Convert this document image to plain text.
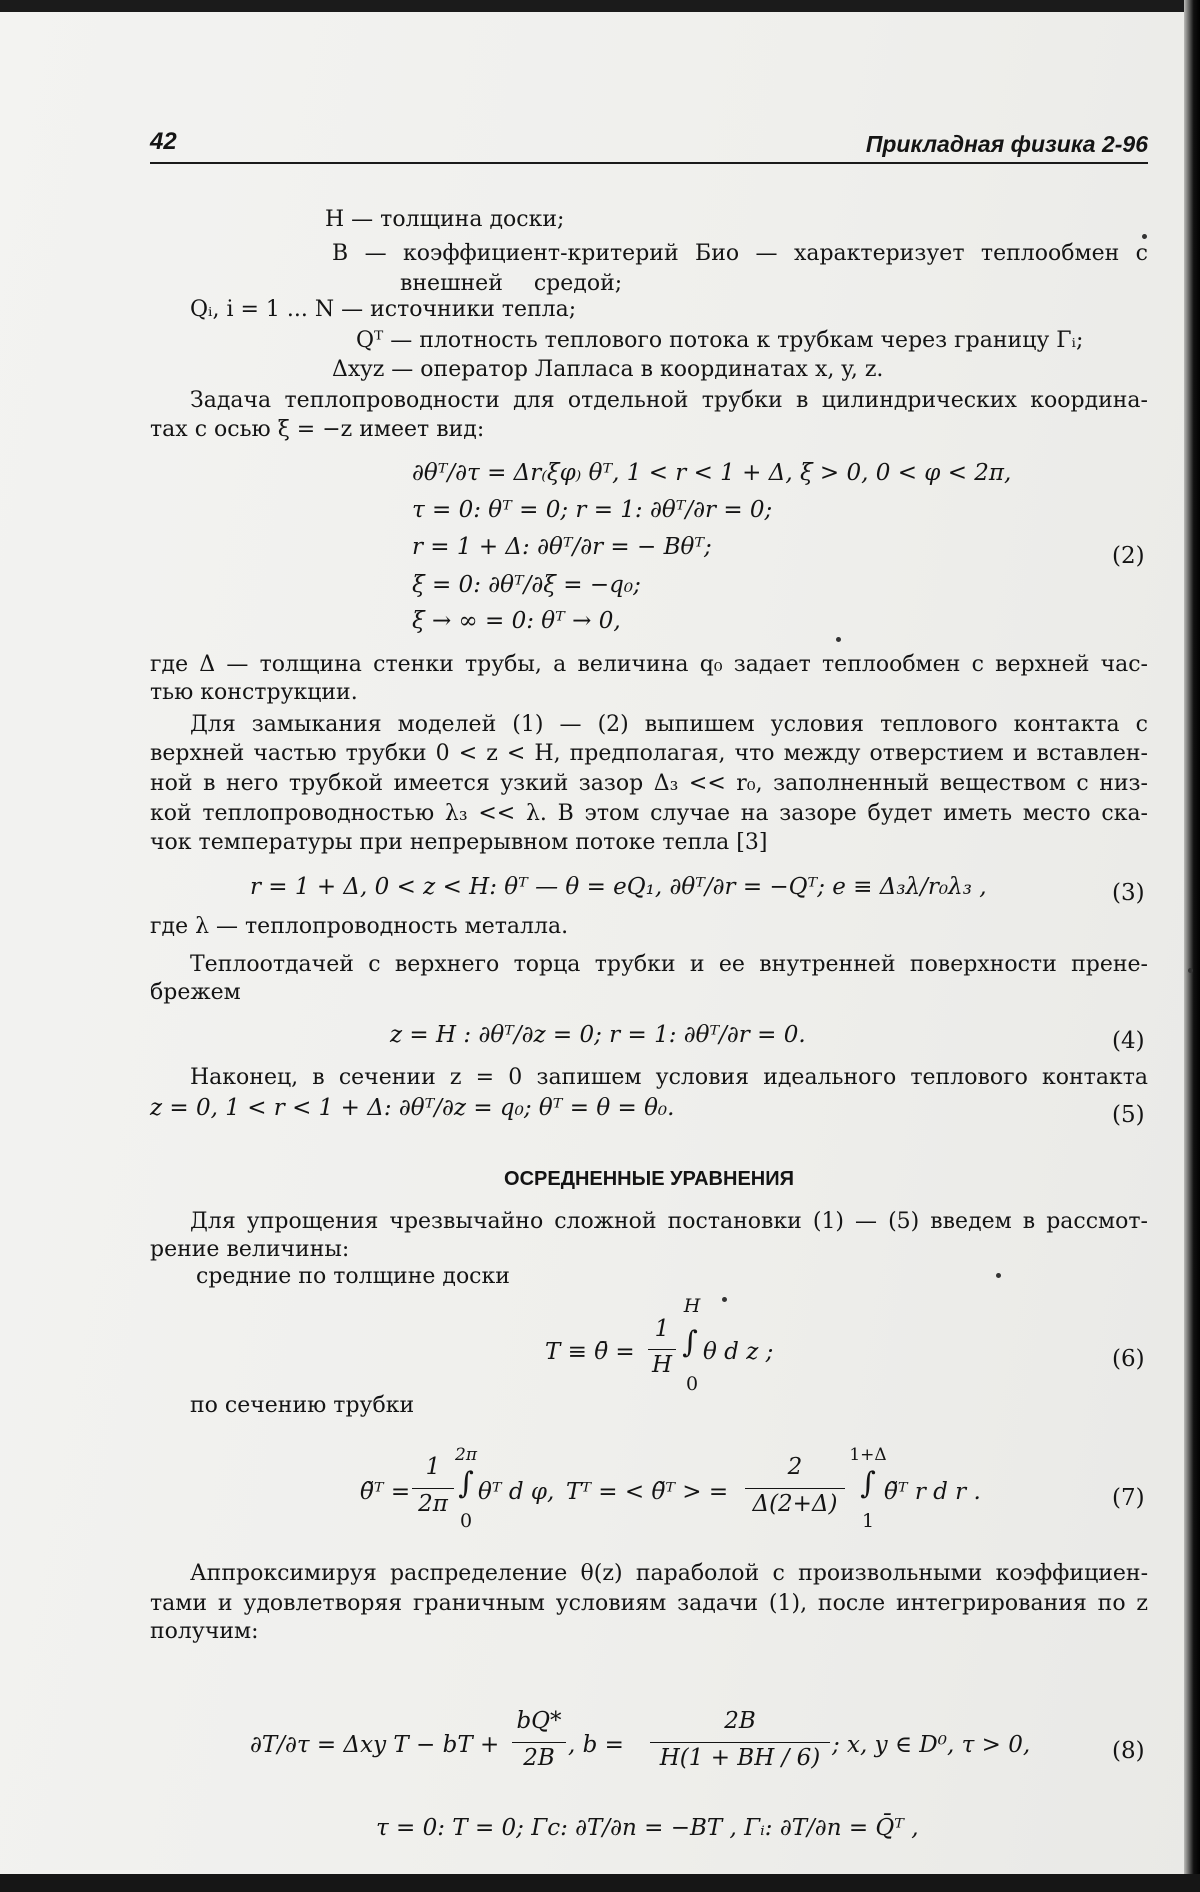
42	Прикладная физика 2-96
H — толщина доски;
B — коэффициент-критерий Био — характеризует теплообмен с
внешней средой;
Qᵢ, i = 1 ... N — источники тепла;
Qᵀ — плотность теплового потока к трубкам через границу Γᵢ;
Δxyz — оператор Лапласа в координатах x, y, z.
Задача теплопроводности для отдельной трубки в цилиндрических координа-
тах с осью ξ = −z имеет вид:
∂θᵀ/∂τ = Δr₍ξφ₎ θᵀ, 1 < r < 1 + Δ, ξ > 0, 0 < φ < 2π,
τ = 0: θᵀ = 0; r = 1: ∂θᵀ/∂r = 0;
r = 1 + Δ: ∂θᵀ/∂r = − Bθᵀ;
ξ = 0: ∂θᵀ/∂ξ = −q₀;
ξ → ∞ = 0: θᵀ → 0,
(2)
где Δ — толщина стенки трубы, а величина q₀ задает теплообмен с верхней час-
тью конструкции.
Для замыкания моделей (1) — (2) выпишем условия теплового контакта с
верхней частью трубки 0 < z < H, предполагая, что между отверстием и вставлен-
ной в него трубкой имеется узкий зазор Δ₃ << r₀, заполненный веществом с низ-
кой теплопроводностью λ₃ << λ. В этом случае на зазоре будет иметь место ска-
чок температуры при непрерывном потоке тепла [3]
r = 1 + Δ, 0 < z < H: θᵀ — θ = eQ₁, ∂θᵀ/∂r = −Qᵀ; e ≡ Δ₃λ/r₀λ₃ ,	(3)
где λ — теплопроводность металла.
Теплоотдачей с верхнего торца трубки и ее внутренней поверхности прене-
брежем
z = H : ∂θᵀ/∂z = 0; r = 1: ∂θᵀ/∂r = 0.	(4)
Наконец, в сечении z = 0 запишем условия идеального теплового контакта
z = 0, 1 < r < 1 + Δ: ∂θᵀ/∂z = q₀; θᵀ = θ = θ₀.	(5)
ОСРЕДНЕННЫЕ УРАВНЕНИЯ
Для упрощения чрезвычайно сложной постановки (1) — (5) введем в рассмот-
рение величины:
средние по толщине доски
T ≡ θ̄ =
1
H
H
∫
0
θ d z ;	(6)
по сечению трубки
θ̃ᵀ =
1
2π
2π
∫
0
θᵀ d φ, Tᵀ = < θ̃ᵀ > =
2
Δ(2+Δ)
1+Δ
∫
1
θ̃ᵀ r d r .	(7)
Аппроксимируя распределение θ(z) параболой с произвольными коэффициен-
тами и удовлетворяя граничным условиям задачи (1), после интегрирования по z
получим:
∂T/∂τ = Δxy T − bT +
bQ*
2B , b =
2B
H(1 + BH / 6) ; x, y ∈ D⁰, τ > 0,	(8)
τ = 0: T = 0; Γc: ∂T/∂n = −BT , Γᵢ: ∂T/∂n = Q̄ᵀ ,
